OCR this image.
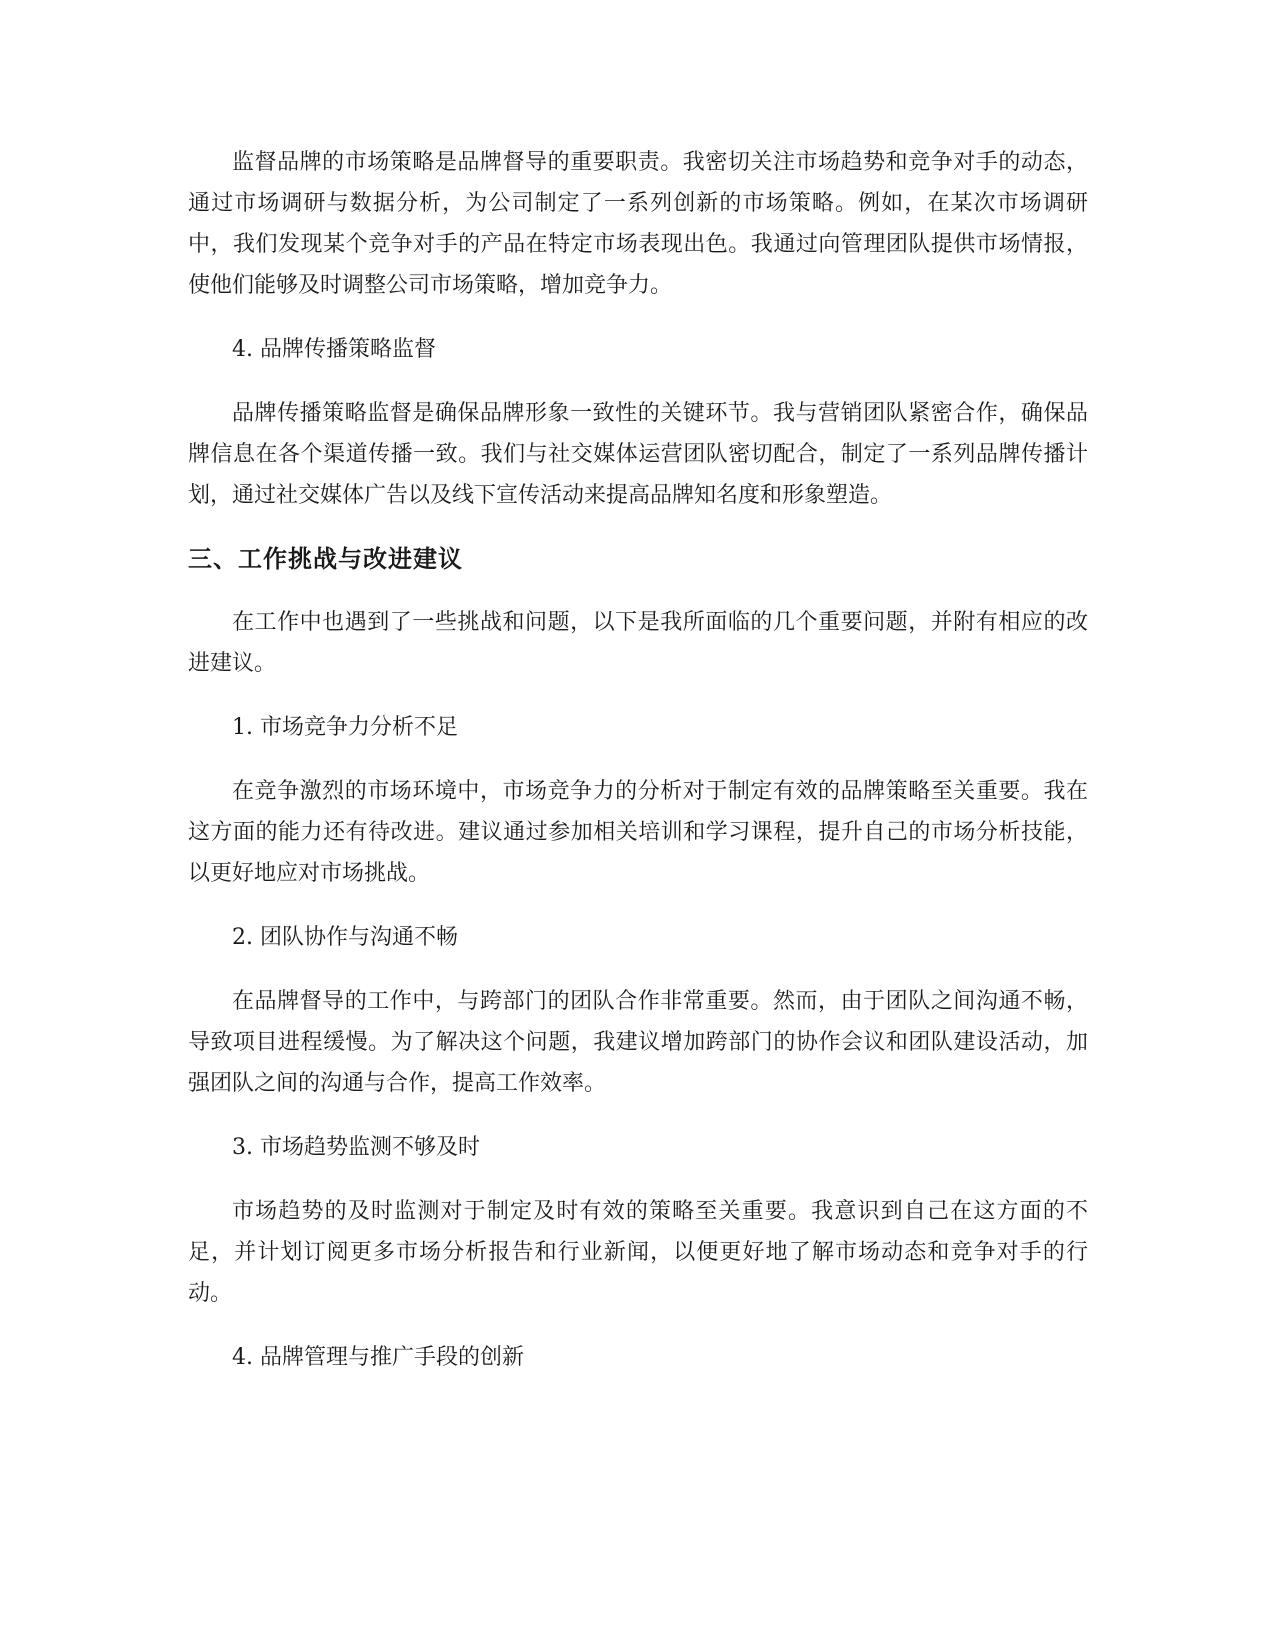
监督品牌的市场策略是品牌督导的重要职责。我密切关注市场趋势和竞争对手的动态，通过市场调研与数据分析，为公司制定了一系列创新的市场策略。例如，在某次市场调研中，我们发现某个竞争对手的产品在特定市场表现出色。我通过向管理团队提供市场情报，使他们能够及时调整公司市场策略，增加竞争力。

4. 品牌传播策略监督

品牌传播策略监督是确保品牌形象一致性的关键环节。我与营销团队紧密合作，确保品牌信息在各个渠道传播一致。我们与社交媒体运营团队密切配合，制定了一系列品牌传播计划，通过社交媒体广告以及线下宣传活动来提高品牌知名度和形象塑造。

三、工作挑战与改进建议

在工作中也遇到了一些挑战和问题，以下是我所面临的几个重要问题，并附有相应的改进建议。

1. 市场竞争力分析不足

在竞争激烈的市场环境中，市场竞争力的分析对于制定有效的品牌策略至关重要。我在这方面的能力还有待改进。建议通过参加相关培训和学习课程，提升自己的市场分析技能，以更好地应对市场挑战。

2. 团队协作与沟通不畅

在品牌督导的工作中，与跨部门的团队合作非常重要。然而，由于团队之间沟通不畅，导致项目进程缓慢。为了解决这个问题，我建议增加跨部门的协作会议和团队建设活动，加强团队之间的沟通与合作，提高工作效率。

3. 市场趋势监测不够及时

市场趋势的及时监测对于制定及时有效的策略至关重要。我意识到自己在这方面的不足，并计划订阅更多市场分析报告和行业新闻，以便更好地了解市场动态和竞争对手的行动。

4. 品牌管理与推广手段的创新
